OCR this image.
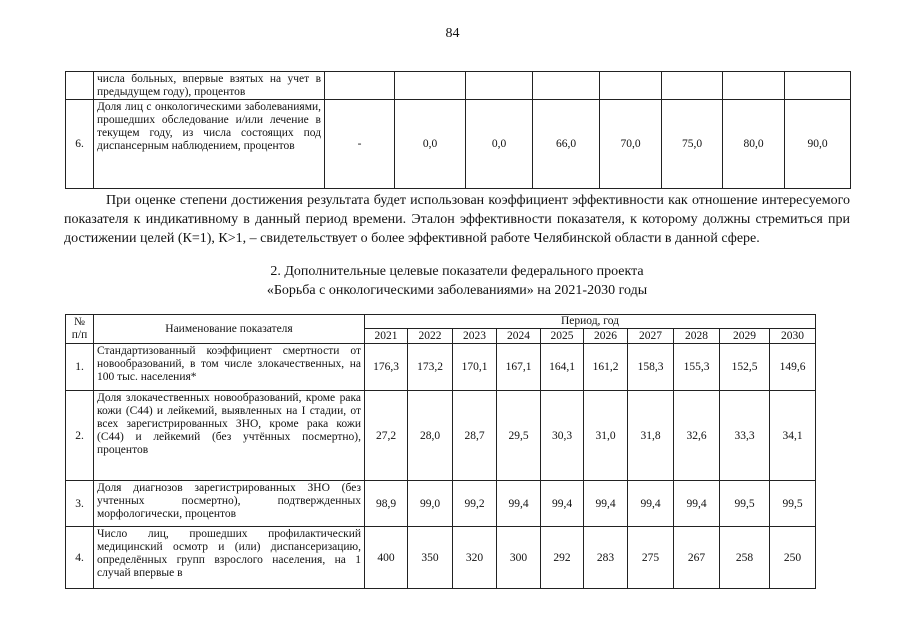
84
	числа больных, впервые взятых на учет в предыдущем году), процентов								
6.	Доля лиц с онкологическими заболеваниями, прошедших обследование и/или лечение в текущем году, из числа состоящих под диспансерным наблюдением, процентов	-	0,0	0,0	66,0	70,0	75,0	80,0	90,0

При оценке степени достижения результата будет использован коэффициент эффективности как отношение интересуемого показателя к индикативному в данный период времени. Эталон эффективности показателя, к которому должны стремиться при достижении целей (К=1), К>1, – свидетельствует о более эффективной работе Челябинской области в данной сфере.

2. Дополнительные целевые показатели федерального проекта
«Борьба с онкологическими заболеваниями» на 2021-2030 годы
№ п/п	Наименование показателя	Период, год									
		2021	2022	2023	2024	2025	2026	2027	2028	2029	2030
1.	Стандартизованный коэффициент смертности от новообразований, в том числе злокачественных, на 100 тыс. населения*	176,3	173,2	170,1	167,1	164,1	161,2	158,3	155,3	152,5	149,6
2.	Доля злокачественных новообразований, кроме рака кожи (C44) и лейкемий, выявленных на I стадии, от всех зарегистрированных ЗНО, кроме рака кожи (C44) и лейкемий (без учтённых посмертно), процентов	27,2	28,0	28,7	29,5	30,3	31,0	31,8	32,6	33,3	34,1
3.	Доля диагнозов зарегистрированных ЗНО (без учтенных посмертно), подтвержденных морфологически, процентов	98,9	99,0	99,2	99,4	99,4	99,4	99,4	99,4	99,5	99,5
4.	Число лиц, прошедших профилактический медицинский осмотр и (или) диспансеризацию, определённых групп взрослого населения, на 1 случай впервые в	400	350	320	300	292	283	275	267	258	250
